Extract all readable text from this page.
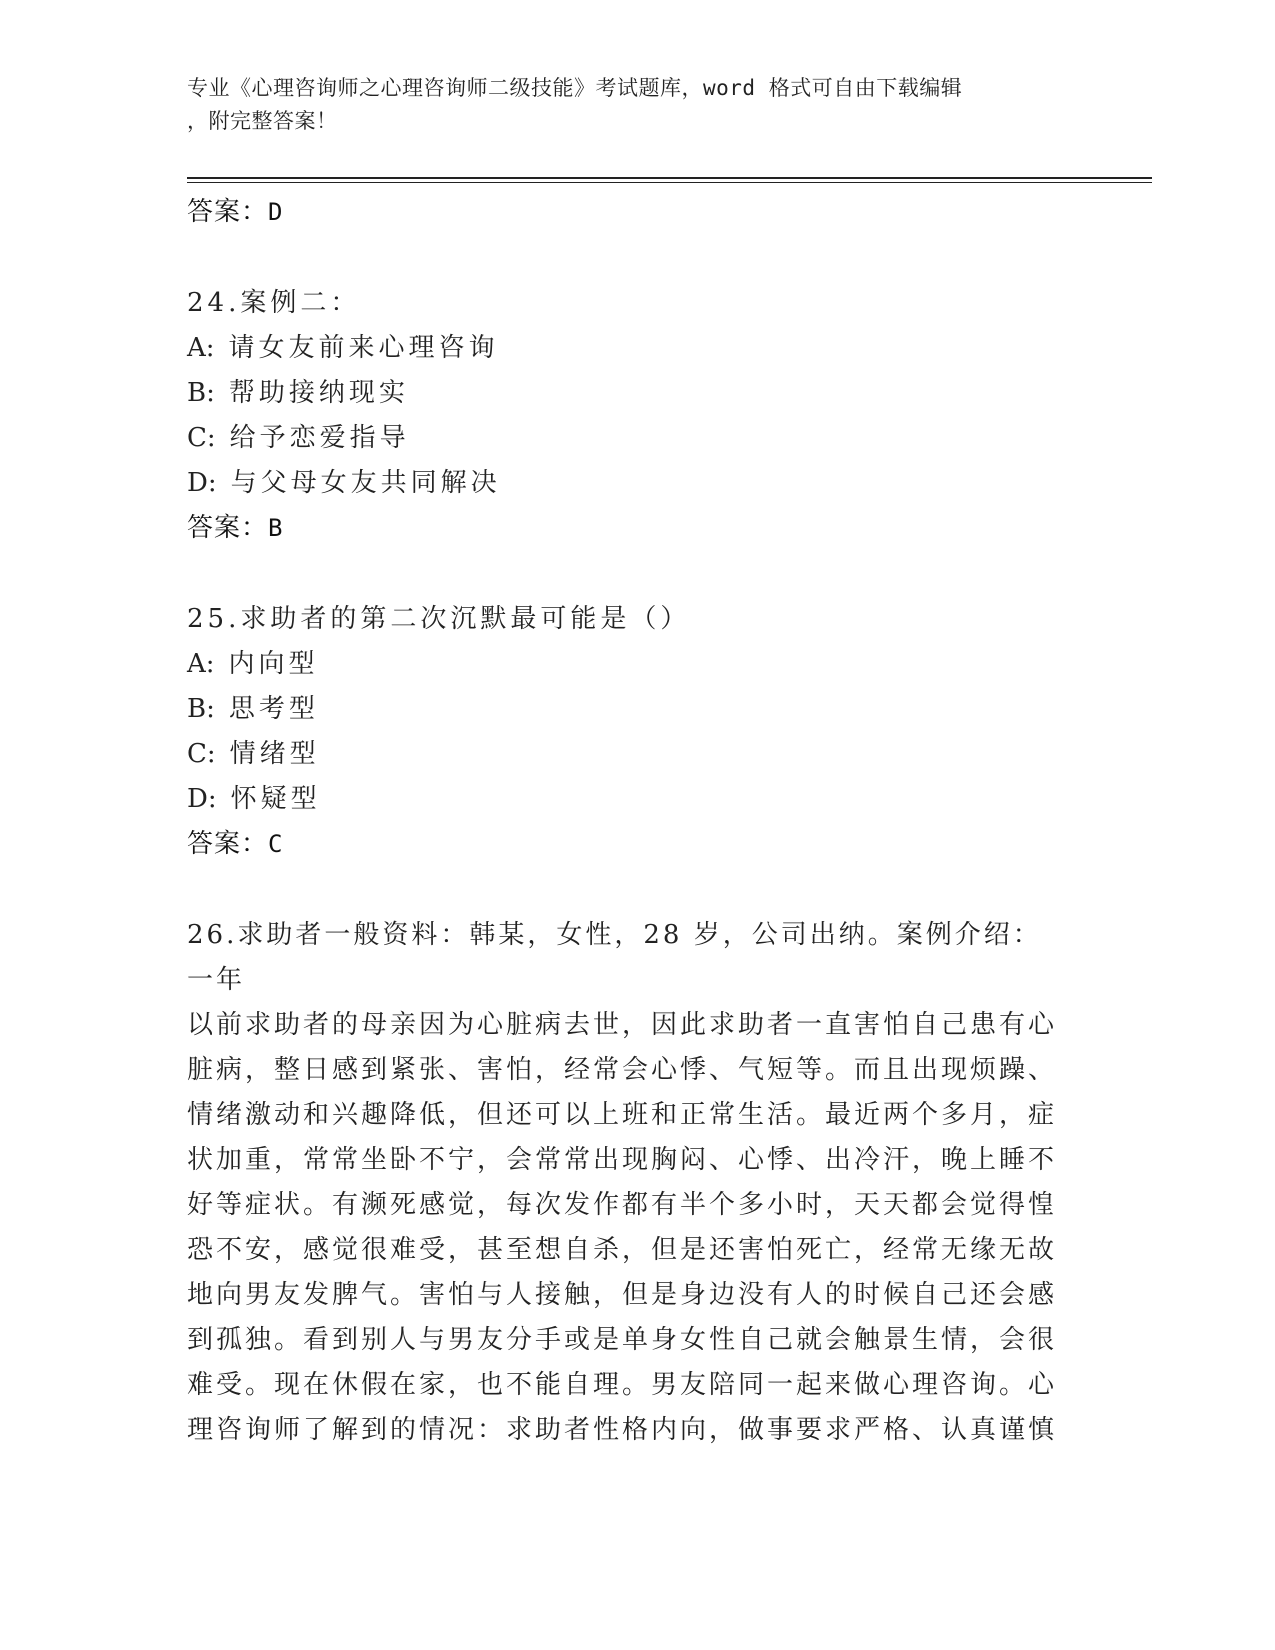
专业《心理咨询师之心理咨询师二级技能》考试题库，word 格式可自由下载编辑
，附完整答案！
答案：D
24.案例二：
A: 请女友前来心理咨询
B: 帮助接纳现实
C: 给予恋爱指导
D: 与父母女友共同解决
答案：B
25.求助者的第二次沉默最可能是（）
A: 内向型
B: 思考型
C: 情绪型
D: 怀疑型
答案：C
26.求助者一般资料：韩某，女性，28 岁，公司出纳。案例介绍：一年
以前求助者的母亲因为心脏病去世，因此求助者一直害怕自己患有心
脏病，整日感到紧张、害怕，经常会心悸、气短等。而且出现烦躁、
情绪激动和兴趣降低，但还可以上班和正常生活。最近两个多月，症
状加重，常常坐卧不宁，会常常出现胸闷、心悸、出冷汗，晚上睡不
好等症状。有濒死感觉，每次发作都有半个多小时，天天都会觉得惶
恐不安，感觉很难受，甚至想自杀，但是还害怕死亡，经常无缘无故
地向男友发脾气。害怕与人接触，但是身边没有人的时候自己还会感
到孤独。看到别人与男友分手或是单身女性自己就会触景生情，会很
难受。现在休假在家，也不能自理。男友陪同一起来做心理咨询。心
理咨询师了解到的情况：求助者性格内向，做事要求严格、认真谨慎
